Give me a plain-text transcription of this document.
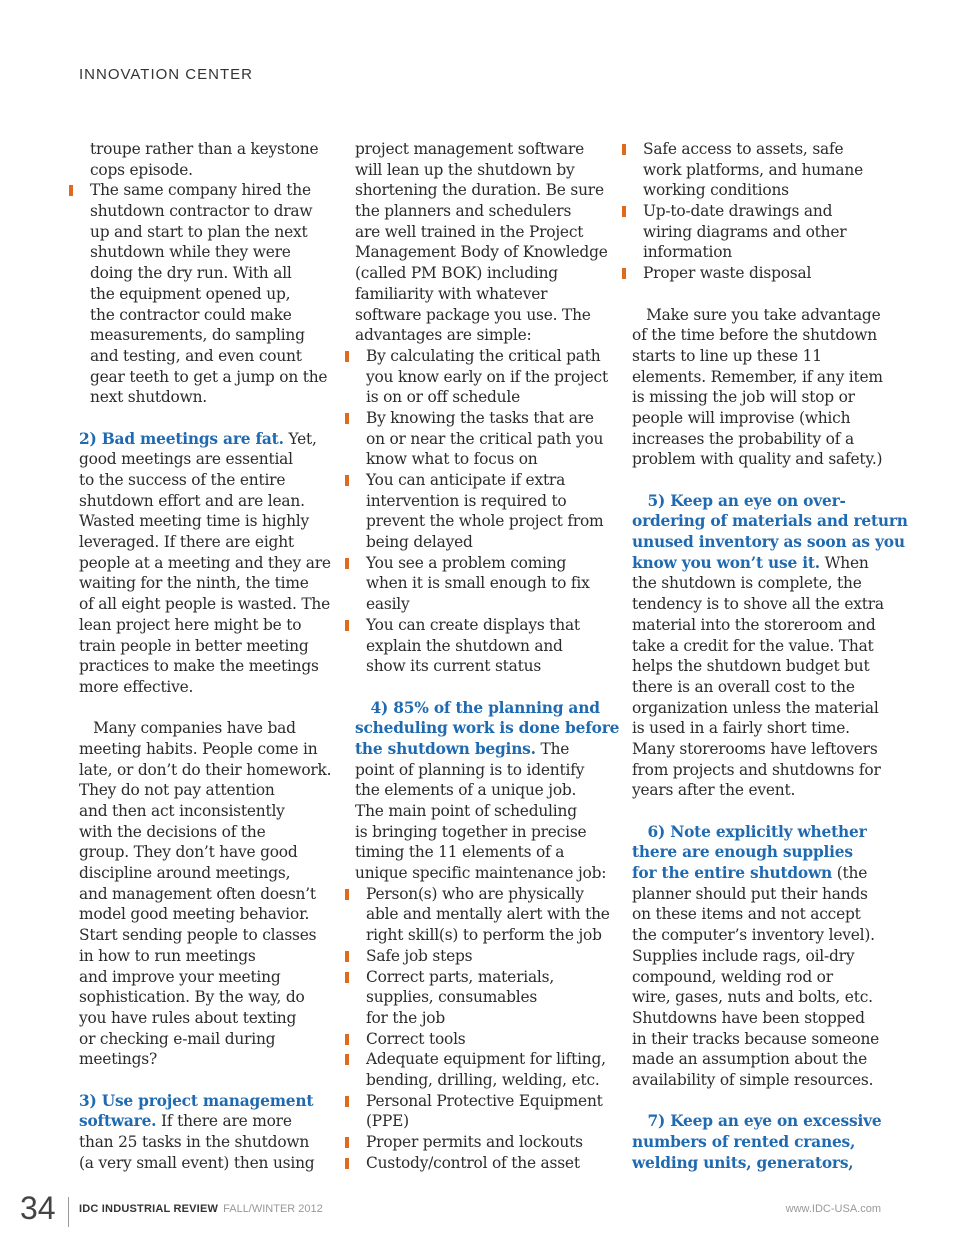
INNOVATION CENTER
troupe rather than a keystone
cops episode.
The same company hired the
shutdown contractor to draw
up and start to plan the next
shutdown while they were
doing the dry run. With all
the equipment opened up,
the contractor could make
measurements, do sampling
and testing, and even count
gear teeth to get a jump on the
next shutdown.
2) Bad meetings are fat. Yet,
good meetings are essential
to the success of the entire
shutdown effort and are lean.
Wasted meeting time is highly
leveraged. If there are eight
people at a meeting and they are
waiting for the ninth, the time
of all eight people is wasted. The
lean project here might be to
train people in better meeting
practices to make the meetings
more effective.
Many companies have bad
meeting habits. People come in
late, or don’t do their homework.
They do not pay attention
and then act inconsistently
with the decisions of the
group. They don’t have good
discipline around meetings,
and management often doesn’t
model good meeting behavior.
Start sending people to classes
in how to run meetings
and improve your meeting
sophistication. By the way, do
you have rules about texting
or checking e-mail during
meetings?
3) Use project management
software. If there are more
than 25 tasks in the shutdown
(a very small event) then using
project management software
will lean up the shutdown by
shortening the duration. Be sure
the planners and schedulers
are well trained in the Project
Management Body of Knowledge
(called PM BOK) including
familiarity with whatever
software package you use. The
advantages are simple:
By calculating the critical path
you know early on if the project
is on or off schedule
By knowing the tasks that are
on or near the critical path you
know what to focus on
You can anticipate if extra
intervention is required to
prevent the whole project from
being delayed
You see a problem coming
when it is small enough to fix
easily
You can create displays that
explain the shutdown and
show its current status
4) 85% of the planning and
scheduling work is done before
the shutdown begins. The
point of planning is to identify
the elements of a unique job.
The main point of scheduling
is bringing together in precise
timing the 11 elements of a
unique specific maintenance job:
Person(s) who are physically
able and mentally alert with the
right skill(s) to perform the job
Safe job steps
Correct parts, materials,
supplies, consumables
for the job
Correct tools
Adequate equipment for lifting,
bending, drilling, welding, etc.
Personal Protective Equipment
(PPE)
Proper permits and lockouts
Custody/control of the asset
Safe access to assets, safe
work platforms, and humane
working conditions
Up-to-date drawings and
wiring diagrams and other
information
Proper waste disposal
Make sure you take advantage
of the time before the shutdown
starts to line up these 11
elements. Remember, if any item
is missing the job will stop or
people will improvise (which
increases the probability of a
problem with quality and safety.)
5) Keep an eye on over-
ordering of materials and return
unused inventory as soon as you
know you won’t use it. When
the shutdown is complete, the
tendency is to shove all the extra
material into the storeroom and
take a credit for the value. That
helps the shutdown budget but
there is an overall cost to the
organization unless the material
is used in a fairly short time.
Many storerooms have leftovers
from projects and shutdowns for
years after the event.
6) Note explicitly whether
there are enough supplies
for the entire shutdown (the
planner should put their hands
on these items and not accept
the computer’s inventory level).
Supplies include rags, oil-dry
compound, welding rod or
wire, gases, nuts and bolts, etc.
Shutdowns have been stopped
in their tracks because someone
made an assumption about the
availability of simple resources.
7) Keep an eye on excessive
numbers of rented cranes,
welding units, generators,
34 IDC INDUSTRIAL REVIEW FALL/WINTER 2012	www.IDC-USA.com
